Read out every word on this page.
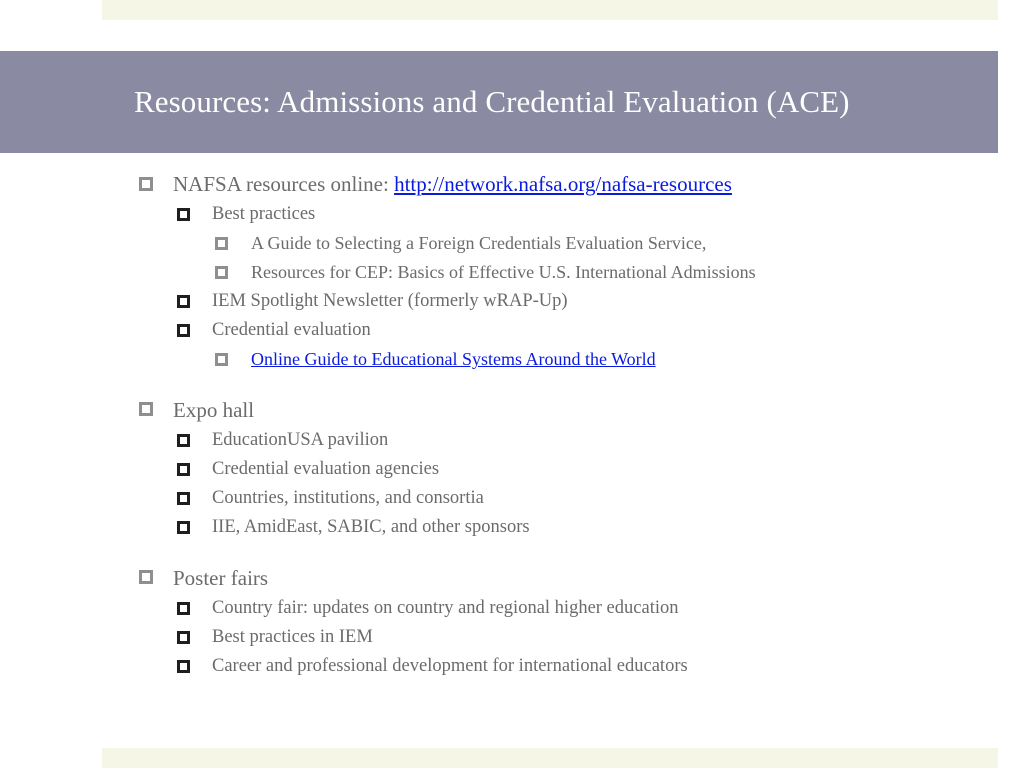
Resources: Admissions and Credential Evaluation (ACE)
NAFSA resources online: http://network.nafsa.org/nafsa-resources
Best practices
A Guide to Selecting a Foreign Credentials Evaluation Service,
Resources for CEP: Basics of Effective U.S. International Admissions
IEM Spotlight Newsletter (formerly wRAP-Up)
Credential evaluation
Online Guide to Educational Systems Around the World
Expo hall
EducationUSA pavilion
Credential evaluation agencies
Countries, institutions, and consortia
IIE, AmidEast, SABIC, and other sponsors
Poster fairs
Country fair: updates on country and regional higher education
Best practices in IEM
Career and professional development for international educators
